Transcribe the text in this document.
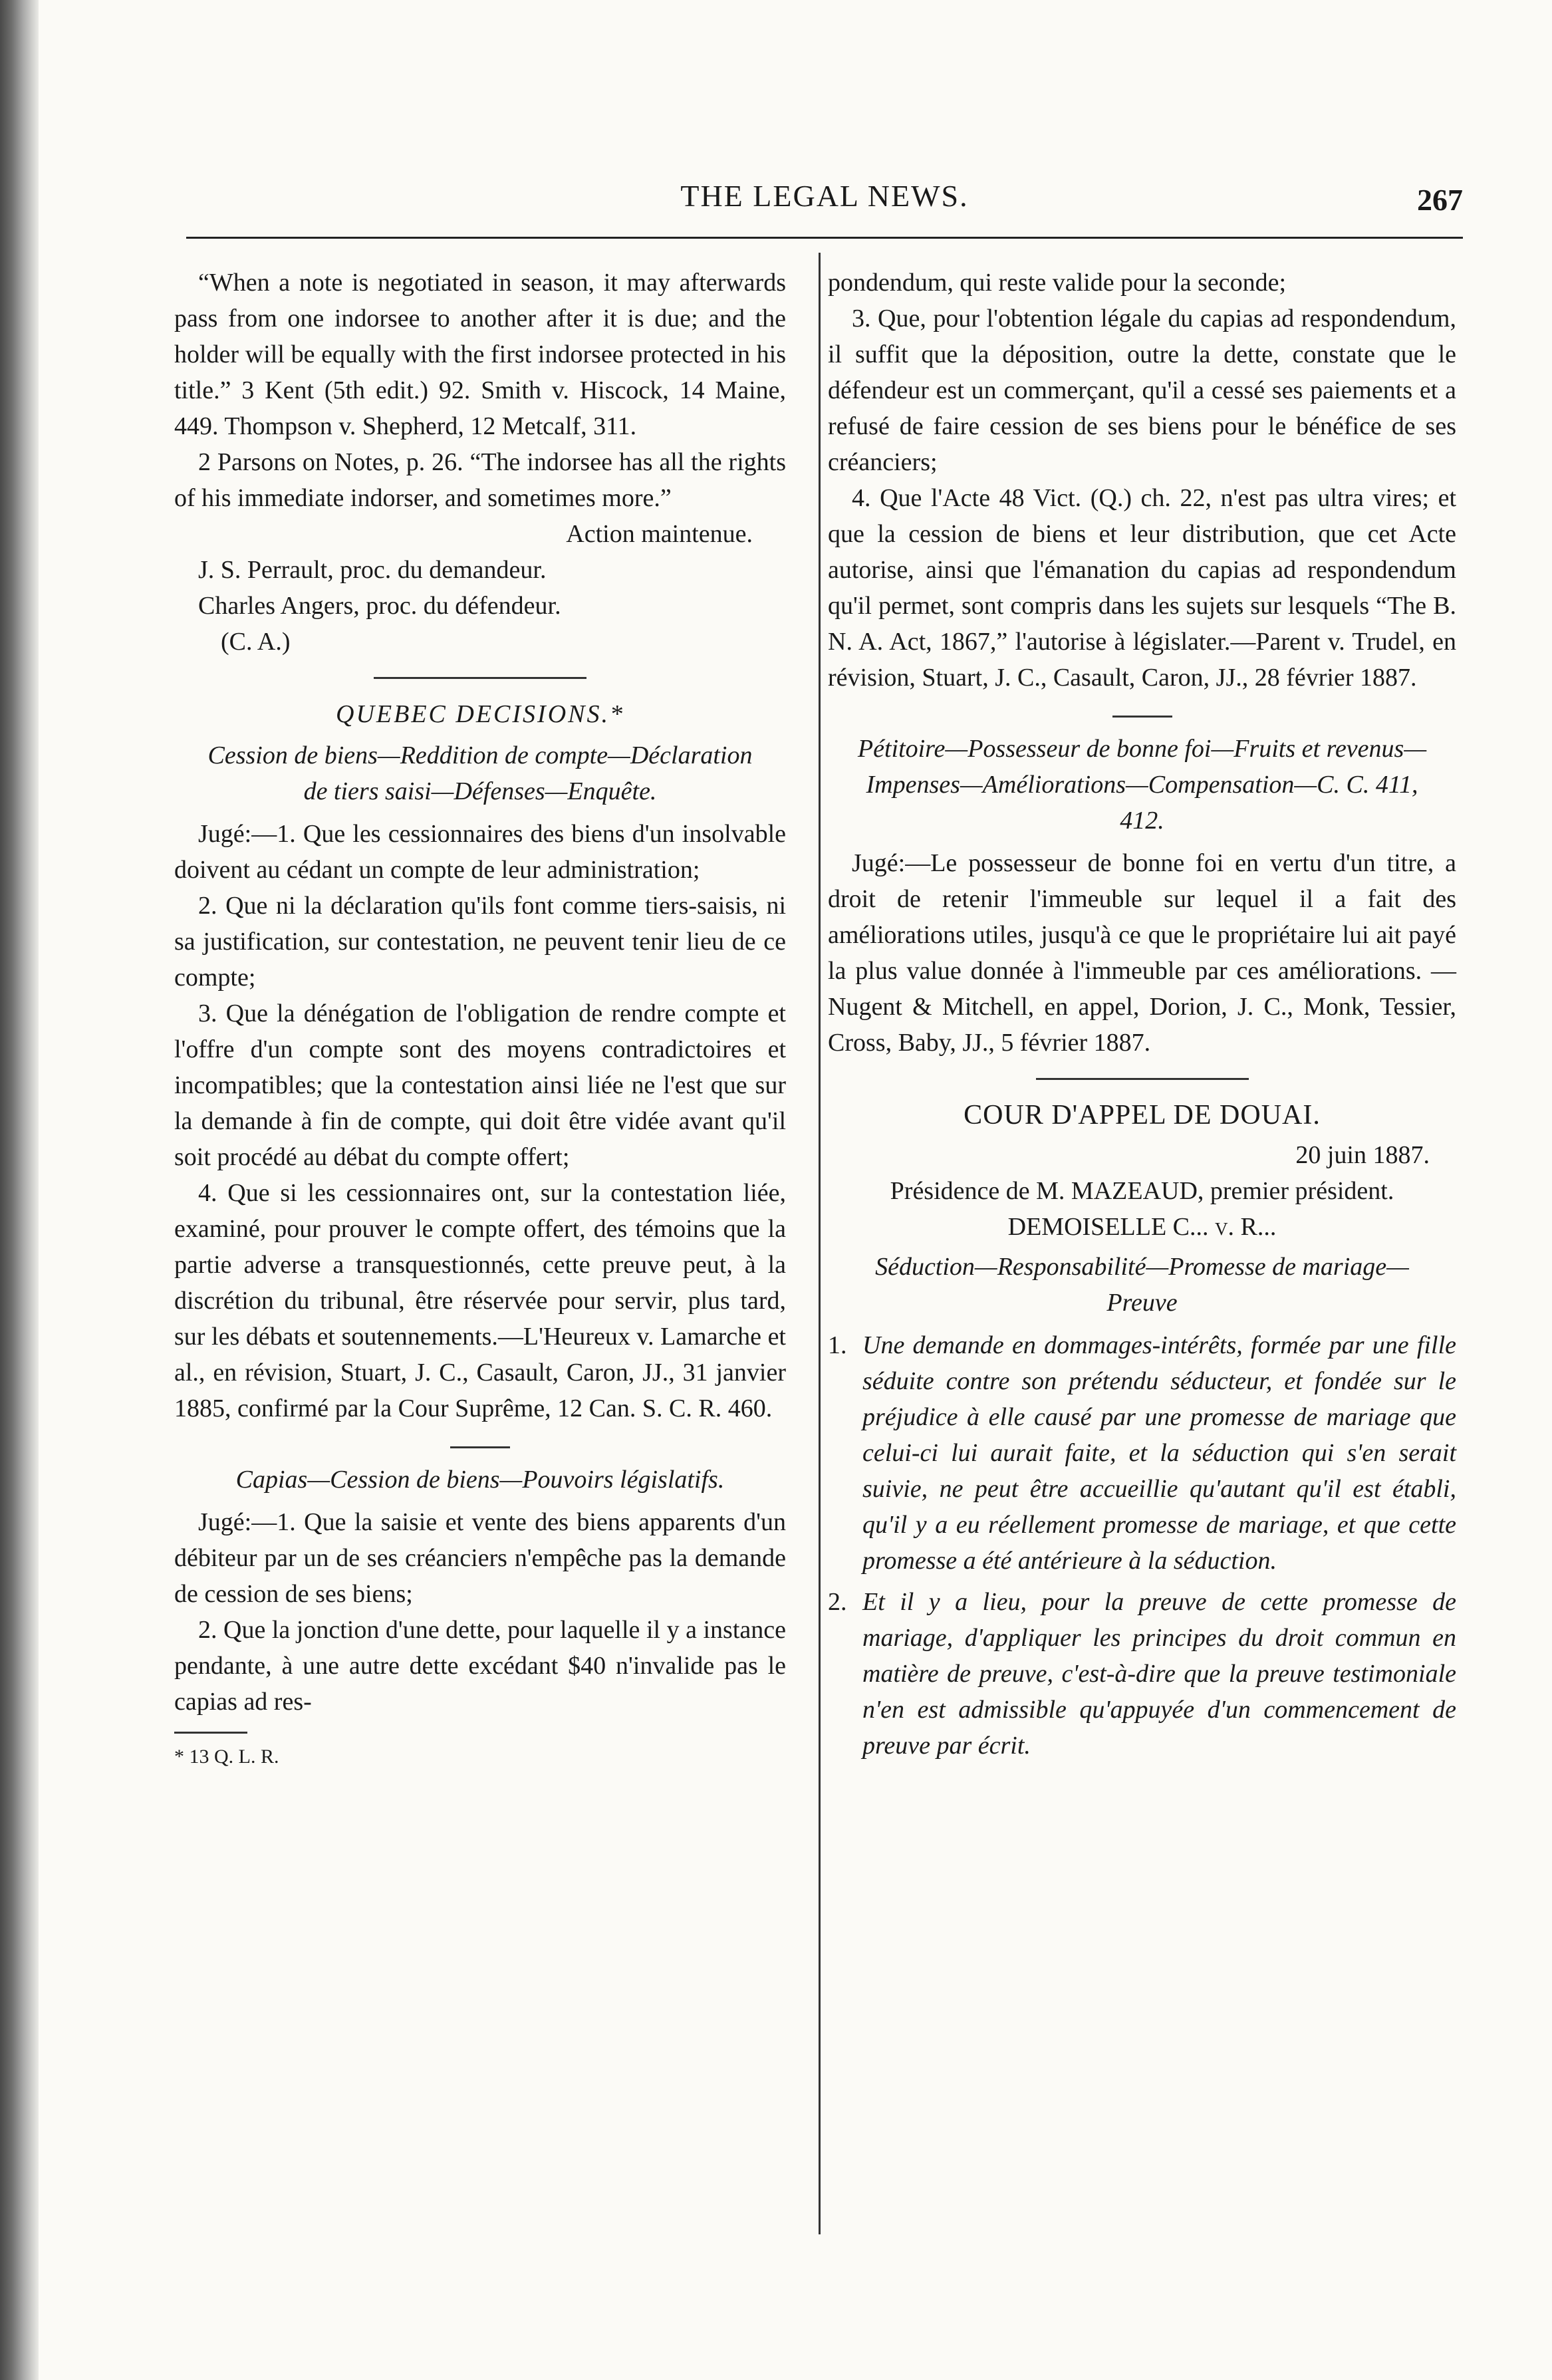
THE LEGAL NEWS.	267

“When a note is negotiated in season, it may afterwards pass from one indorsee to another after it is due; and the holder will be equally with the first indorsee protected in his title.” 3 Kent (5th edit.) 92. Smith v. Hiscock, 14 Maine, 449. Thompson v. Shepherd, 12 Metcalf, 311.

2 Parsons on Notes, p. 26. “The indorsee has all the rights of his immediate indorser, and sometimes more.”

Action maintenue.

J. S. Perrault, proc. du demandeur.

Charles Angers, proc. du défendeur.

(C. A.)

QUEBEC DECISIONS.*

Cession de biens—Reddition de compte—Déclaration de tiers saisi—Défenses—Enquête.

Jugé:—1. Que les cessionnaires des biens d'un insolvable doivent au cédant un compte de leur administration;

2. Que ni la déclaration qu'ils font comme tiers-saisis, ni sa justification, sur contestation, ne peuvent tenir lieu de ce compte;

3. Que la dénégation de l'obligation de rendre compte et l'offre d'un compte sont des moyens contradictoires et incompatibles; que la contestation ainsi liée ne l'est que sur la demande à fin de compte, qui doit être vidée avant qu'il soit procédé au débat du compte offert;

4. Que si les cessionnaires ont, sur la contestation liée, examiné, pour prouver le compte offert, des témoins que la partie adverse a transquestionnés, cette preuve peut, à la discrétion du tribunal, être réservée pour servir, plus tard, sur les débats et soutennements.—L'Heureux v. Lamarche et al., en révision, Stuart, J. C., Casault, Caron, JJ., 31 janvier 1885, confirmé par la Cour Suprême, 12 Can. S. C. R. 460.

Capias—Cession de biens—Pouvoirs législatifs.

Jugé:—1. Que la saisie et vente des biens apparents d'un débiteur par un de ses créanciers n'empêche pas la demande de cession de ses biens;

2. Que la jonction d'une dette, pour laquelle il y a instance pendante, à une autre dette excédant $40 n'invalide pas le capias ad res-

* 13 Q. L. R.

pondendum, qui reste valide pour la seconde;

3. Que, pour l'obtention légale du capias ad respondendum, il suffit que la déposition, outre la dette, constate que le défendeur est un commerçant, qu'il a cessé ses paiements et a refusé de faire cession de ses biens pour le bénéfice de ses créanciers;

4. Que l'Acte 48 Vict. (Q.) ch. 22, n'est pas ultra vires; et que la cession de biens et leur distribution, que cet Acte autorise, ainsi que l'émanation du capias ad respondendum qu'il permet, sont compris dans les sujets sur lesquels “The B. N. A. Act, 1867,” l'autorise à législater.—Parent v. Trudel, en révision, Stuart, J. C., Casault, Caron, JJ., 28 février 1887.

Pétitoire—Possesseur de bonne foi—Fruits et revenus—Impenses—Améliorations—Compensation—C. C. 411, 412.

Jugé:—Le possesseur de bonne foi en vertu d'un titre, a droit de retenir l'immeuble sur lequel il a fait des améliorations utiles, jusqu'à ce que le propriétaire lui ait payé la plus value donnée à l'immeuble par ces améliorations. —Nugent & Mitchell, en appel, Dorion, J. C., Monk, Tessier, Cross, Baby, JJ., 5 février 1887.

COUR D'APPEL DE DOUAI.

20 juin 1887.

Présidence de M. MAZEAUD, premier président.

DEMOISELLE C... v. R...

Séduction—Responsabilité—Promesse de mariage—Preuve

1. Une demande en dommages-intérêts, formée par une fille séduite contre son prétendu séducteur, et fondée sur le préjudice à elle causé par une promesse de mariage que celui-ci lui aurait faite, et la séduction qui s'en serait suivie, ne peut être accueillie qu'autant qu'il est établi, qu'il y a eu réellement promesse de mariage, et que cette promesse a été antérieure à la séduction.
2. Et il y a lieu, pour la preuve de cette promesse de mariage, d'appliquer les principes du droit commun en matière de preuve, c'est-à-dire que la preuve testimoniale n'en est admissible qu'appuyée d'un commencement de preuve par écrit.
